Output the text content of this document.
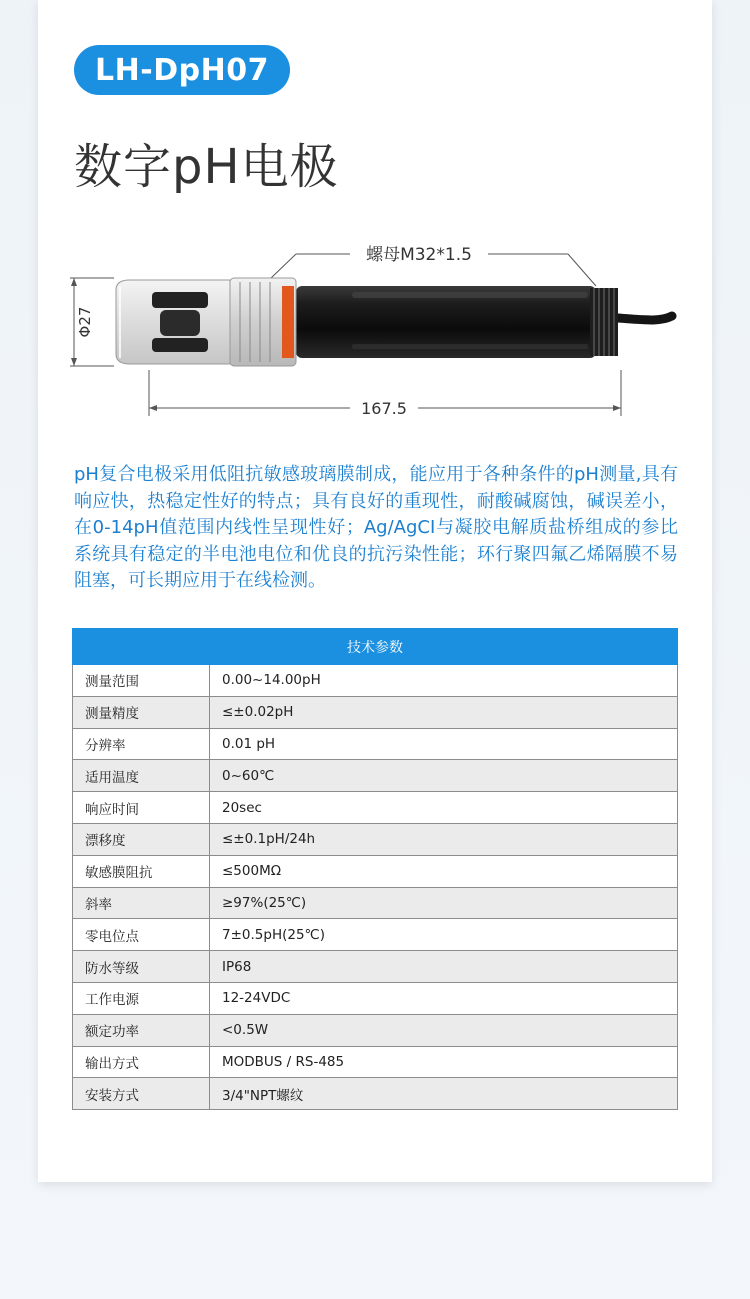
LH-DpH07
数字pH电极
螺母M32*1.5
Φ27
167.5

pH复合电极采用低阻抗敏感玻璃膜制成，能应用于各种条件的pH测量,具有响应快，热稳定性好的特点；具有良好的重现性，耐酸碱腐蚀，碱误差小，在0-14pH值范围内线性呈现性好；Ag/AgCI与凝胶电解质盐桥组成的参比系统具有稳定的半电池电位和优良的抗污染性能；环行聚四氟乙烯隔膜不易阻塞，可长期应用于在线检测。

技术参数	
测量范围	0.00~14.00pH
测量精度	≤±0.02pH
分辨率	0.01 pH
适用温度	0~60℃
响应时间	20sec
漂移度	≤±0.1pH/24h
敏感膜阻抗	≤500MΩ
斜率	≥97%(25℃)
零电位点	7±0.5pH(25℃)
防水等级	IP68
工作电源	12-24VDC
额定功率	<0.5W
输出方式	MODBUS / RS-485
安装方式	3/4"NPT螺纹
